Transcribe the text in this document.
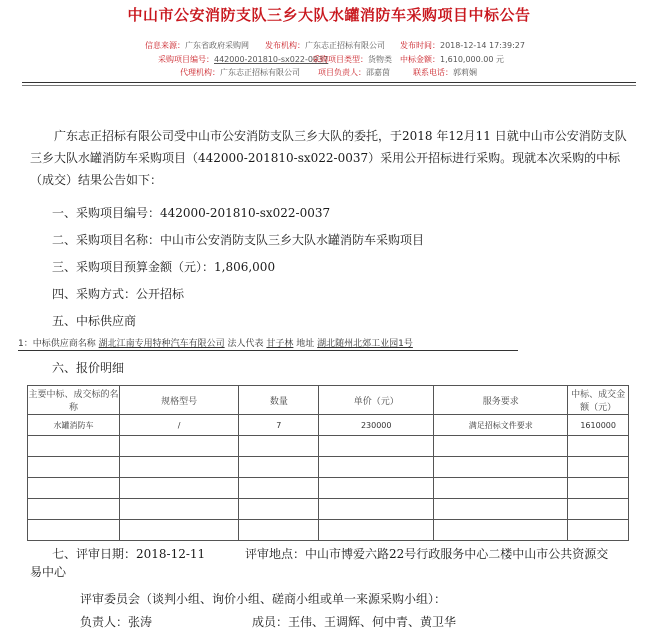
中山市公安消防支队三乡大队水罐消防车采购项目中标公告
信息来源：广东省政府采购网 发布机构：广东志正招标有限公司 发布时间：2018-12-14 17:39:27
采购项目编号：442000-201810-sx022-0037
采购项目类型：货物类 中标金额：1,610,000.00 元
代理机构：广东志正招标有限公司 项目负责人：邵嘉茵	联系电话：郭莉娴
广东志正招标有限公司受中山市公安消防支队三乡大队的委托，于2018 年12月11 日就中山市公安消防支队三乡大队水罐消防车采购项目（442000-201810-sx022-0037）采用公开招标进行采购。现就本次采购的中标（成交）结果公告如下：
一、采购项目编号：442000-201810-sx022-0037
二、采购项目名称：中山市公安消防支队三乡大队水罐消防车采购项目
三、采购项目预算金额（元）：1,806,000
四、采购方式：公开招标
五、中标供应商
1：中标供应商名称 湖北江南专用特种汽车有限公司 法人代表 甘子林 地址 湖北随州北郊工业园1号
六、报价明细
主要中标、成交标的名称	规格型号	数量	单价（元）	服务要求	中标、成交金额（元）
水罐消防车	/	7	230000	满足招标文件要求	1610000

七、评审日期：2018-12-11	评审地点：中山市博爱六路22号行政服务中心二楼中山市公共资源交
易中心
评审委员会（谈判小组、询价小组、磋商小组或单一来源采购小组）：
负责人：张涛	成员：王伟、王调辉、何中青、黄卫华
